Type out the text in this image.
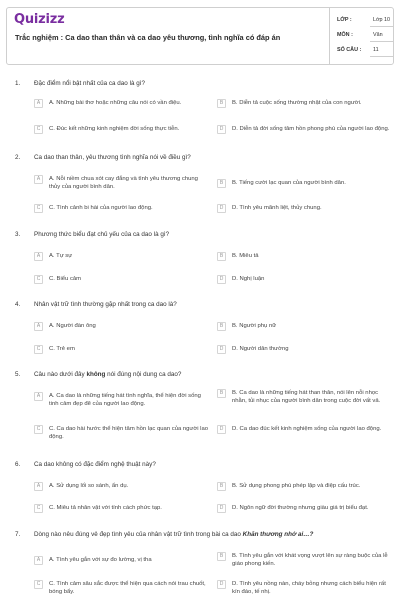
Quizizz
Trắc nghiệm : Ca dao than thân và ca dao yêu thương, tình nghĩa có đáp án
LỚP :	Lớp 10
MÔN :	Văn
SỐ CÂU : 11
1. Đặc điểm nổi bật nhất của ca dao là gì?
A	A. Những bài thơ hoặc những câu nói có vần điệu.	B	B. Diễn tả cuộc sống thường nhật của con người.
C	C. Đúc kết những kinh nghiệm đời sống thực tiễn.	D	D. Diễn tả đời sống tâm hồn phong phú của người lao động.
2. Ca dao than thân, yêu thương tình nghĩa nói về điều gì?
A	A. Nỗi niềm chua xót cay đắng và tình yêu thương chung thủy của người bình dân.
B	B. Tiếng cười lạc quan của người bình dân.
C	C. Tình cảnh bi hài của người lao động.	D	D. Tình yêu mãnh liệt, thủy chung.
3. Phương thức biểu đạt chủ yếu của ca dao là gì?
A	A. Tự sự	B	B. Miêu tả
C	C. Biểu cảm	D	D. Nghị luận
4. Nhân vật trữ tình thường gặp nhất trong ca dao là?
A	A. Người đàn ông	B	B. Người phụ nữ
C	C. Trẻ em	D	D. Người dân thường
5. Câu nào dưới đây không nói đúng nội dung ca dao?
A	A. Ca dao là những tiếng hát tình nghĩa, thể hiện đời sống tinh cảm đẹp đẽ của người lao động.
B	B. Ca dao là những tiếng hát than thân, nói lên nỗi nhọc nhằn, tủi nhục của người bình dân trong cuộc đời vất vả.
C	C. Ca dao hài hước thể hiện tâm hồn lạc quan của người lao động.
D	D. Ca dao đúc kết kinh nghiệm sống của người lao động.
6. Ca dao không có đặc điểm nghệ thuật này?
A	A. Sử dụng lối so sánh, ẩn dụ.	B	B. Sử dụng phong phú phép lặp và điệp cấu trúc.
C	C. Miêu tả nhân vật với tính cách phức tạp.	D	D. Ngôn ngữ đời thường nhưng giàu giá trị biểu đạt.
7. Dòng nào nêu đúng vẻ đẹp tình yêu của nhân vật trữ tình trong bài ca dao Khăn thương nhớ ai…?
A	A. Tình yêu gắn với sự đo lường, vị tha
B	B. Tình yêu gắn với khát vọng vượt lên sự ràng buộc của lễ giáo phong kiến.
C	C. Tình cảm sâu sắc được thể hiện qua cách nói trau chuốt, bóng bẩy.
D	D. Tình yêu nồng nàn, cháy bỏng nhưng cách biểu hiện rất kín đáo, tế nhị.
